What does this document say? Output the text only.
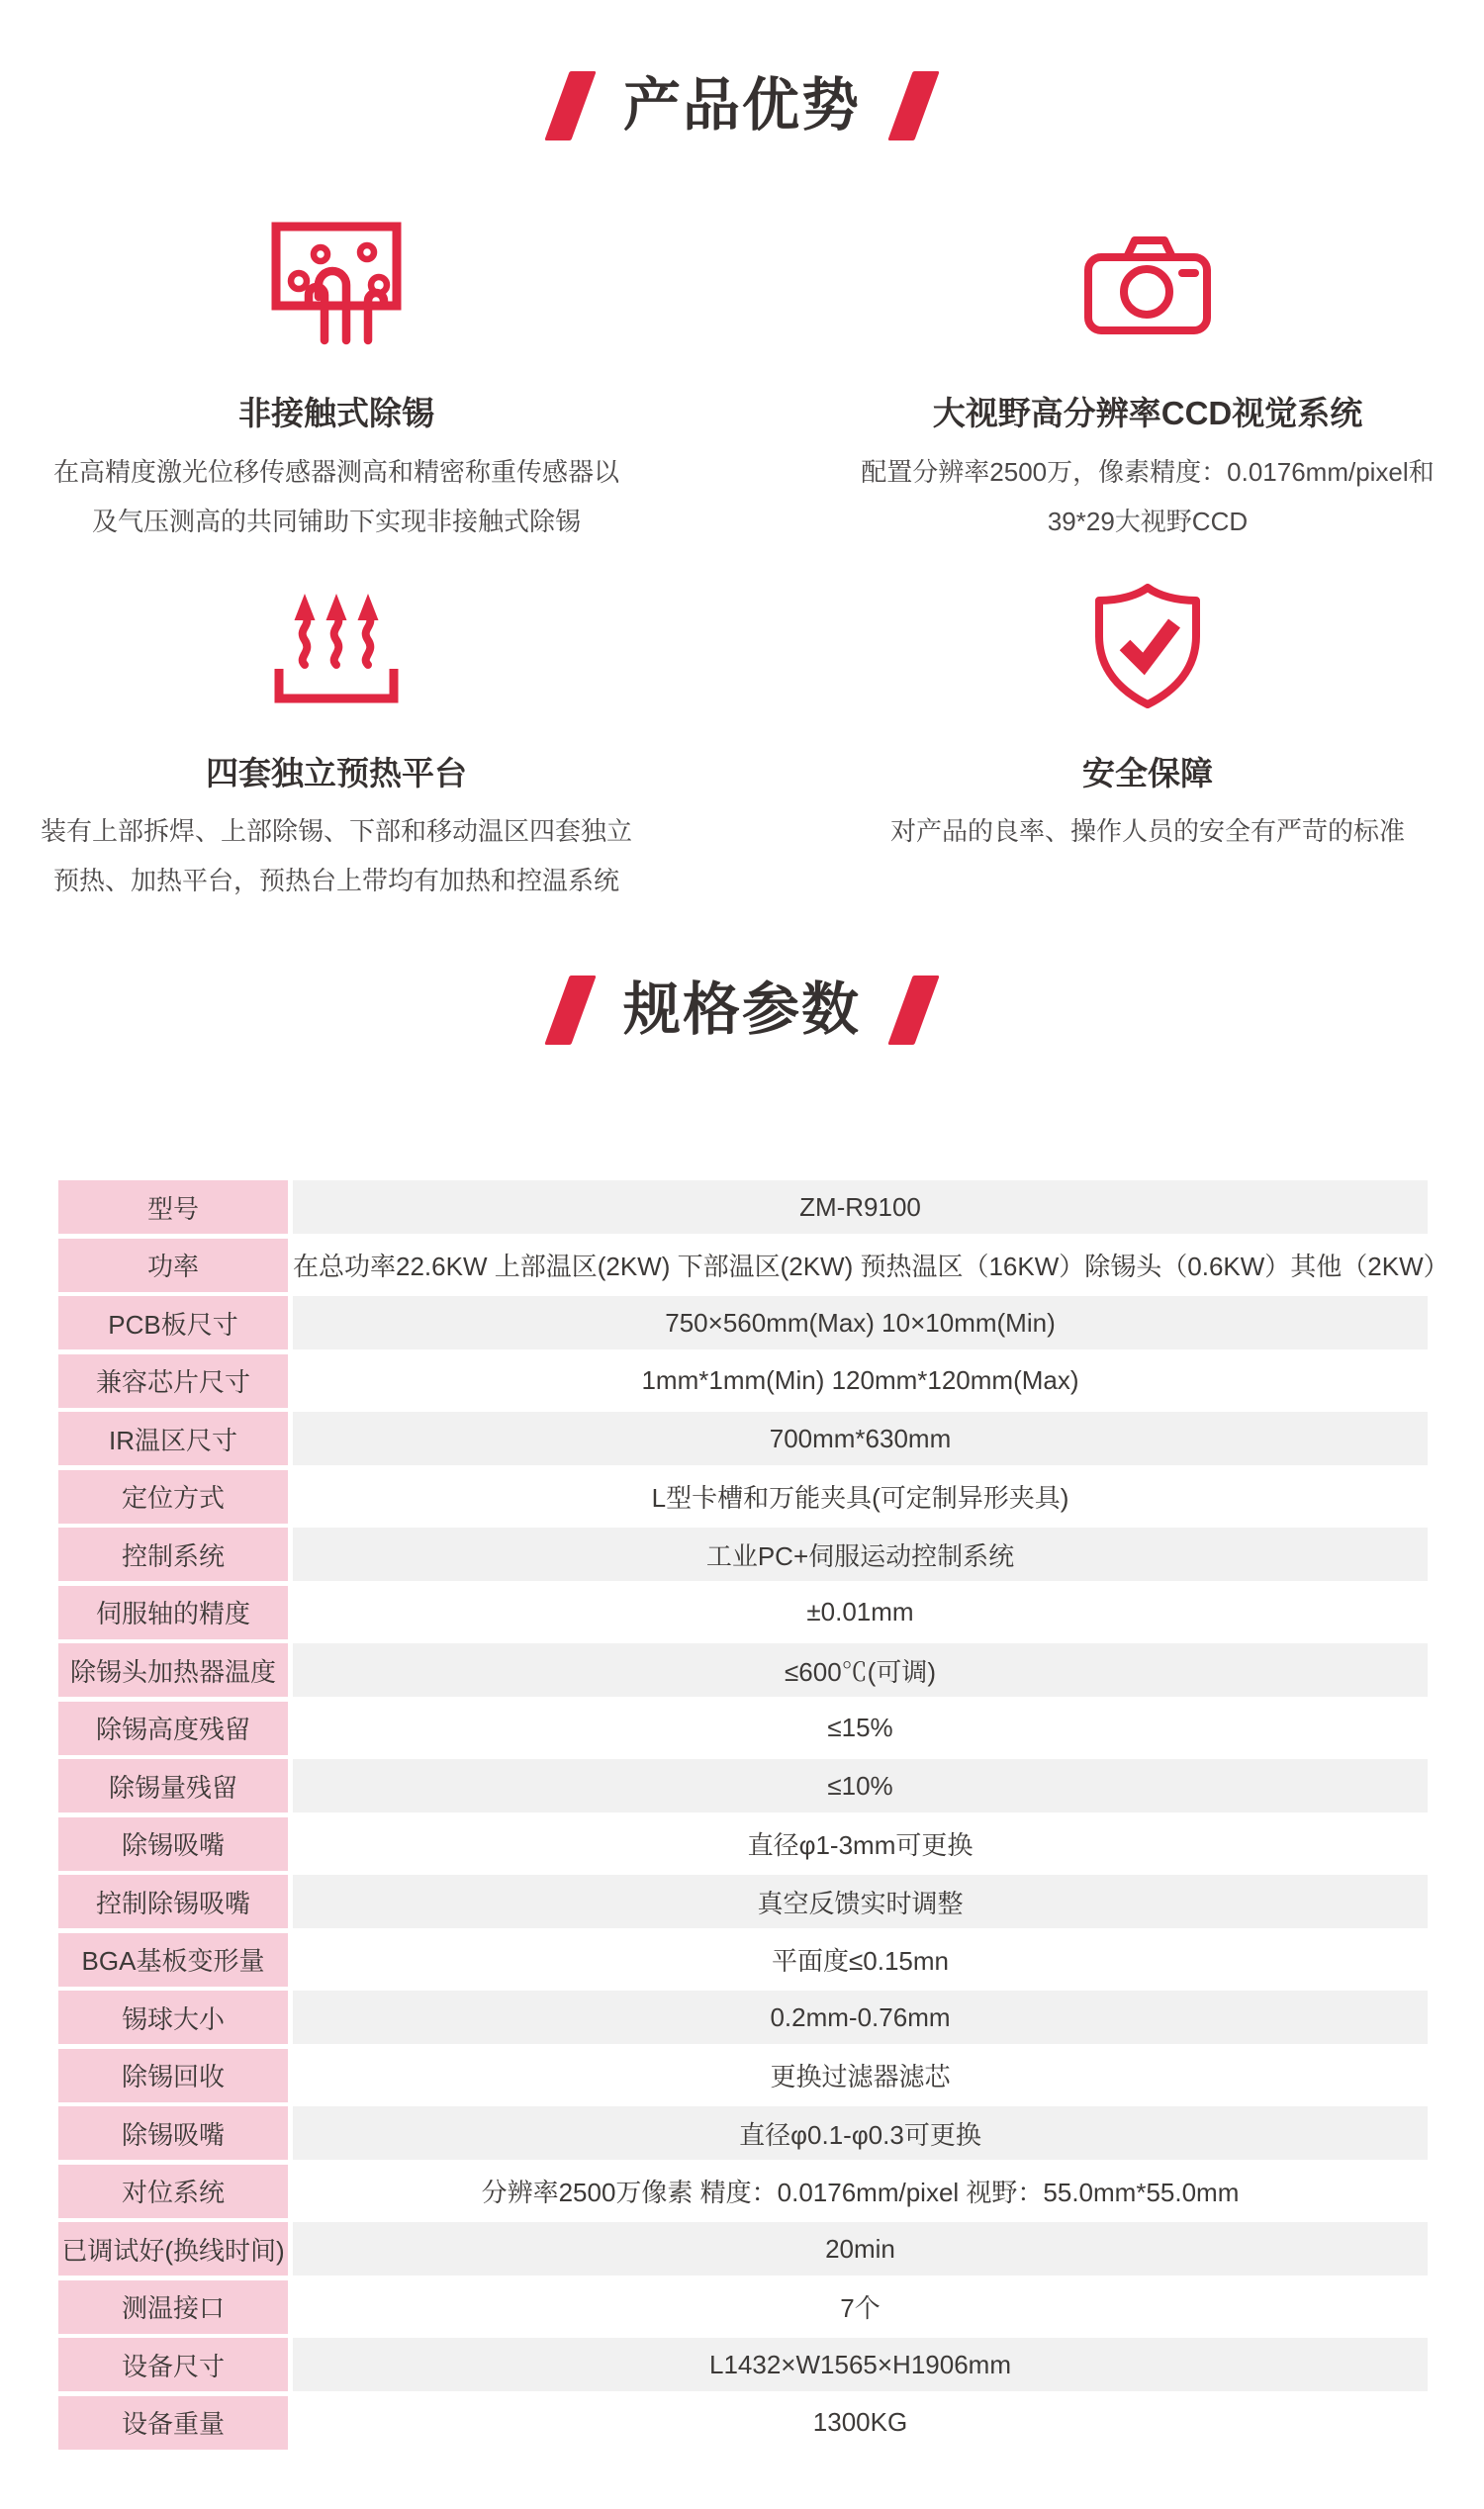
产品优势
非接触式除锡
在高精度激光位移传感器测高和精密称重传感器以
及气压测高的共同铺助下实现非接触式除锡
大视野高分辨率CCD视觉系统
配置分辨率2500万，像素精度：0.0176mm/pixel和
39*29大视野CCD
四套独立预热平台
装有上部拆焊、上部除锡、下部和移动温区四套独立
预热、加热平台，预热台上带均有加热和控温系统
安全保障
对产品的良率、操作人员的安全有严苛的标准
规格参数
型号	ZM-R9100
功率	在总功率22.6KW 上部温区(2KW) 下部温区(2KW) 预热温区（16KW）除锡头（0.6KW）其他（2KW）
PCB板尺寸	750×560mm(Max) 10×10mm(Min)
兼容芯片尺寸	1mm*1mm(Min) 120mm*120mm(Max)
IR温区尺寸	700mm*630mm
定位方式	L型卡槽和万能夹具(可定制异形夹具)
控制系统	工业PC+伺服运动控制系统
伺服轴的精度	±0.01mm
除锡头加热器温度	≤600℃(可调)
除锡高度残留	≤15%
除锡量残留	≤10%
除锡吸嘴	直径φ1-3mm可更换
控制除锡吸嘴	真空反馈实时调整
BGA基板变形量	平面度≤0.15mn
锡球大小	0.2mm-0.76mm
除锡回收	更换过滤器滤芯
除锡吸嘴	直径φ0.1-φ0.3可更换
对位系统	分辨率2500万像素 精度：0.0176mm/pixel 视野：55.0mm*55.0mm
已调试好(换线时间)	20min
测温接口	7个
设备尺寸	L1432×W1565×H1906mm
设备重量	1300KG
